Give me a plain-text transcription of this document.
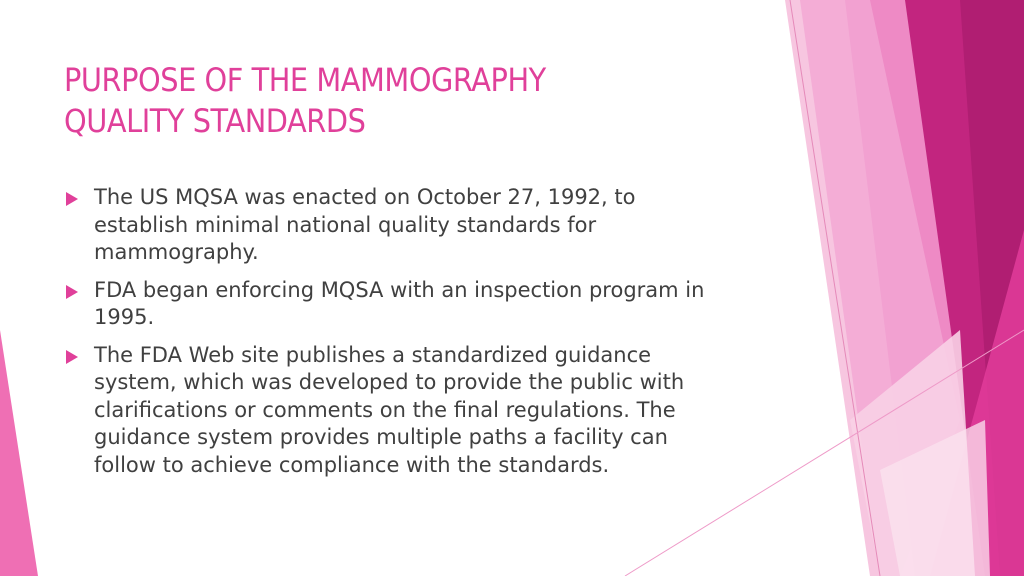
PURPOSE OF THE MAMMOGRAPHY
QUALITY STANDARDS
The US MQSA was enacted on October 27, 1992, to
establish minimal national quality standards for
mammography.
FDA began enforcing MQSA with an inspection program in
1995.
The FDA Web site publishes a standardized guidance
system, which was developed to provide the public with
clarifications or comments on the final regulations. The
guidance system provides multiple paths a facility can
follow to achieve compliance with the standards.
